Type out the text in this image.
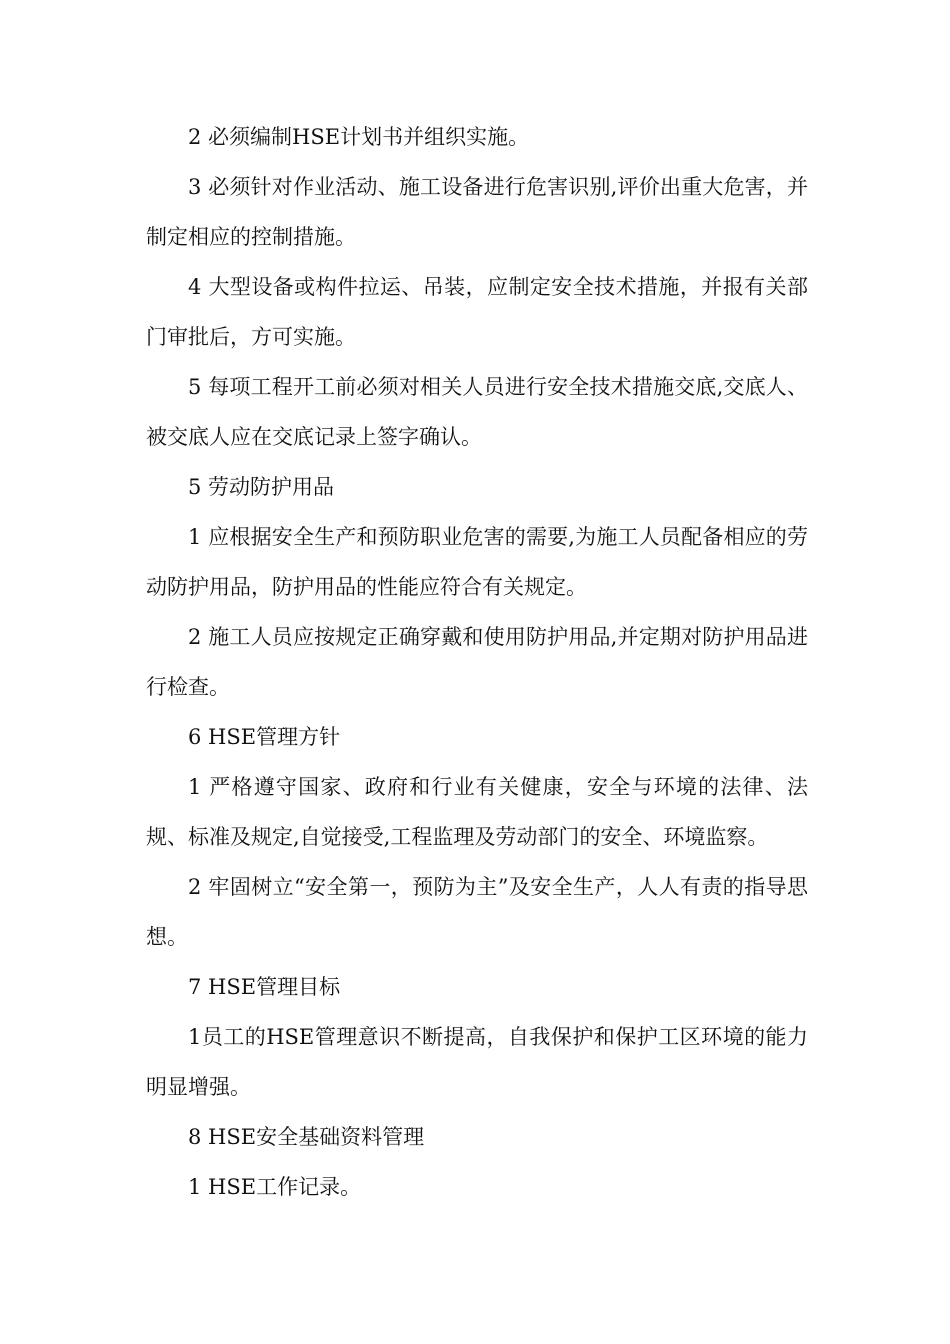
2 必须编制HSE计划书并组织实施。

3 必须针对作业活动、施工设备进行危害识别,评价出重大危害，并制定相应的控制措施。

4 大型设备或构件拉运、吊装，应制定安全技术措施，并报有关部门审批后，方可实施。

5 每项工程开工前必须对相关人员进行安全技术措施交底,交底人、被交底人应在交底记录上签字确认。

5 劳动防护用品

1 应根据安全生产和预防职业危害的需要,为施工人员配备相应的劳动防护用品，防护用品的性能应符合有关规定。

2 施工人员应按规定正确穿戴和使用防护用品,并定期对防护用品进行检查。

6 HSE管理方针

1 严格遵守国家、政府和行业有关健康，安全与环境的法律、法规、标准及规定,自觉接受,工程监理及劳动部门的安全、环境监察。

2 牢固树立“安全第一，预防为主”及安全生产，人人有责的指导思想。

7 HSE管理目标

1员工的HSE管理意识不断提高，自我保护和保护工区环境的能力明显增强。

8 HSE安全基础资料管理

1 HSE工作记录。
